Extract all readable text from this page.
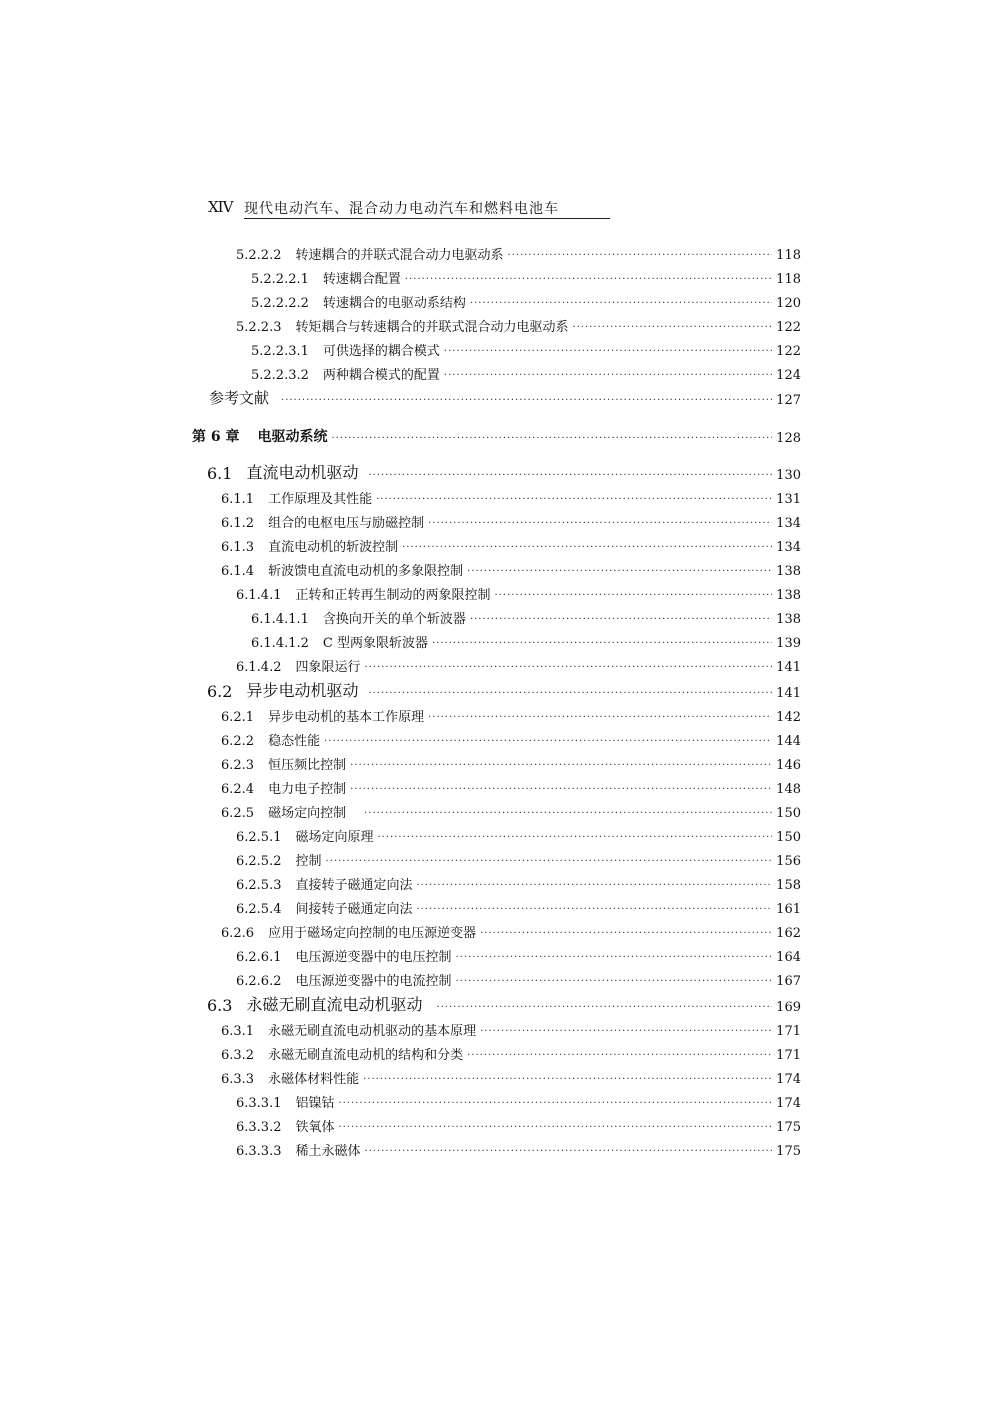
XIV 现代电动汽车、混合动力电动汽车和燃料电池车
5.2.2.2 转速耦合的并联式混合动力电驱动系 ·····	118
5.2.2.2.1 转速耦合配置 ·····	118
5.2.2.2.2 转速耦合的电驱动系结构 ·····	120
5.2.2.3 转矩耦合与转速耦合的并联式混合动力电驱动系 ·····	122
5.2.2.3.1 可供选择的耦合模式 ·····	122
5.2.2.3.2 两种耦合模式的配置 ·····	124
参考文献 ·····	127
第 6 章 电驱动系统 ·····	128
6.1 直流电动机驱动 ·····	130
6.1.1 工作原理及其性能 ·····	131
6.1.2 组合的电枢电压与励磁控制 ·····	134
6.1.3 直流电动机的斩波控制 ·····	134
6.1.4 斩波馈电直流电动机的多象限控制 ·····	138
6.1.4.1 正转和正转再生制动的两象限控制 ·····	138
6.1.4.1.1 含换向开关的单个斩波器 ·····	138
6.1.4.1.2 C 型两象限斩波器 ·····	139
6.1.4.2 四象限运行 ·····	141
6.2 异步电动机驱动 ·····	141
6.2.1 异步电动机的基本工作原理 ·····	142
6.2.2 稳态性能 ·····	144
6.2.3 恒压频比控制 ·····	146
6.2.4 电力电子控制 ·····	148
6.2.5 磁场定向控制 ·····	150
6.2.5.1 磁场定向原理 ·····	150
6.2.5.2 控制 ·····	156
6.2.5.3 直接转子磁通定向法 ·····	158
6.2.5.4 间接转子磁通定向法 ·····	161
6.2.6 应用于磁场定向控制的电压源逆变器 ·····	162
6.2.6.1 电压源逆变器中的电压控制 ·····	164
6.2.6.2 电压源逆变器中的电流控制 ·····	167
6.3 永磁无刷直流电动机驱动 ·····	169
6.3.1 永磁无刷直流电动机驱动的基本原理 ·····	171
6.3.2 永磁无刷直流电动机的结构和分类 ·····	171
6.3.3 永磁体材料性能 ·····	174
6.3.3.1 铝镍钴 ·····	174
6.3.3.2 铁氧体 ·····	175
6.3.3.3 稀土永磁体 ·····	175
